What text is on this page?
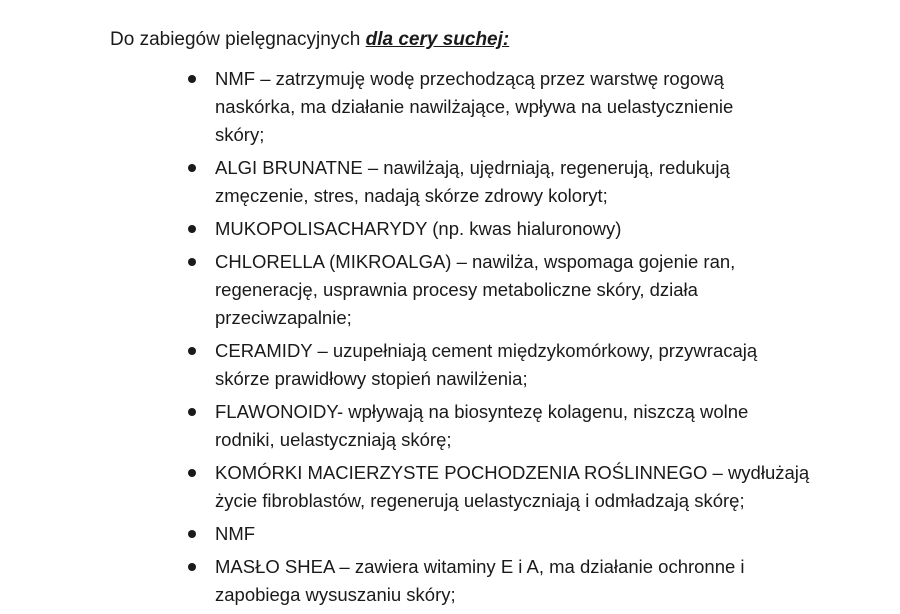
Do zabiegów pielęgnacyjnych dla cery suchej:
NMF – zatrzymuję wodę przechodzącą przez warstwę rogową
naskórka, ma działanie nawilżające, wpływa na uelastycznienie
skóry;
ALGI BRUNATNE – nawilżają, ujędrniają, regenerują, redukują
zmęczenie, stres, nadają skórze zdrowy koloryt;
MUKOPOLISACHARYDY (np. kwas hialuronowy)
CHLORELLA (MIKROALGA) – nawilża, wspomaga gojenie ran,
regenerację, usprawnia procesy metaboliczne skóry, działa
przeciwzapalnie;
CERAMIDY – uzupełniają cement międzykomórkowy, przywracają
skórze prawidłowy stopień nawilżenia;
FLAWONOIDY- wpływają na biosyntezę kolagenu, niszczą wolne
rodniki, uelastyczniają skórę;
KOMÓRKI MACIERZYSTE POCHODZENIA ROŚLINNEGO – wydłużają
życie fibroblastów, regenerują uelastyczniają i odmładzają skórę;
NMF
MASŁO SHEA – zawiera witaminy E i A, ma działanie ochronne i
zapobiega wysuszaniu skóry;
